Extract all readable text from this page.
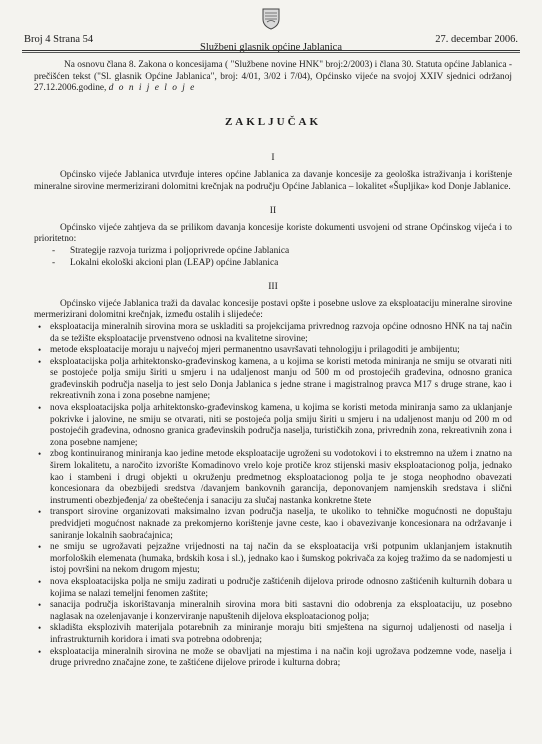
Broj 4 Strana 54
Službeni glasnik općine Jablanica
27. decembar 2006.

Na osnovu člana 8. Zakona o koncesijama ( "Službene novine HNK" broj:2/2003) i člana 30. Statuta općine Jablanica - prečišćen tekst ("Sl. glasnik Općine Jablanica", broj: 4/01, 3/02 i 7/04), Općinsko vijeće na svojoj XXIV sjednici održanoj 27.12.2006.godine, d o n i j e l o j e

ZAKLJUČAK
I

Općinsko vijeće Jablanica utvrđuje interes općine Jablanica za davanje koncesije za geološka istraživanja i korištenje mineralne sirovine mermerizirani dolomitni krečnjak na području Općine Jablanica – lokalitet «Šupljika» kod Donje Jablanice.

II

Općinsko vijeće zahtjeva da se prilikom davanja koncesije koriste dokumenti usvojeni od strane Općinskog vijeća i to prioritetno:

- Strategije razvoja turizma i poljoprivrede općine Jablanica
- Lokalni ekološki akcioni plan (LEAP) općine Jablanica
III

Općinsko vijeće Jablanica traži da davalac koncesije postavi opšte i posebne uslove za eksploataciju mineralne sirovine mermerizirani dolomitni krečnjak, između ostalih i slijedeće:

• eksploatacija mineralnih sirovina mora se uskladiti sa projekcijama privrednog razvoja općine odnosno HNK na taj način da se težište eksploatacije prvenstveno odnosi na kvalitetne sirovine;
• metode eksploatacije moraju u najvećoj mjeri permanentno usavršavati tehnologiju i prilagoditi je ambijentu;
• eksploatacijska polja arhitektonsko-građevinskog kamena, a u kojima se koristi metoda miniranja ne smiju se otvarati niti se postojeće polja smiju širiti u smjeru i na udaljenost manju od 500 m od prostojećih građevina, odnosno granica građevinskih područja naselja to jest selo Donja Jablanica s jedne strane i magistralnog pravca M17 s druge strane, kao i rekreativnih zona i zona posebne namjene;
• nova eksploatacijska polja arhitektonsko-građevinskog kamena, u kojima se koristi metoda miniranja samo za uklanjanje pokrivke i jalovine, ne smiju se otvarati, niti se postojeća polja smiju širiti u smjeru i na udaljenost manju od 200 m od postojećih građevina, odnosno granica građevinskih područja naselja, turističkih zona, privrednih zona, rekreativnih zona i zona posebne namjene;
• zbog kontinuiranog miniranja kao jedine metode eksploatacije ugroženi su vodotokovi i to ekstremno na užem i znatno na širem lokalitetu, a naročito izvorište Komadinovo vrelo koje protiče kroz stijenski masiv eksploatacionog polja, jednako kao i stambeni i drugi objekti u okruženju predmetnog eksploatacionog polja te je stoga neophodno obavezati koncesionara da obezbijedi sredstva /davanjem bankovnih garancija, deponovanjem namjenskih sredstava i slični instrumenti obezbjeđenja/ za obeštećenja i sanaciju za slučaj nastanka konkretne štete
• transport sirovine organizovati maksimalno izvan područja naselja, te ukoliko to tehničke mogućnosti ne dopuštaju predvidjeti mogućnost naknade za prekomjerno korištenje javne ceste, kao i obavezivanje koncesionara na održavanje i saniranje lokalnih saobraćajnica;
• ne smiju se ugrožavati pejzažne vrijednosti na taj način da se eksploatacija vrši potpunim uklanjanjem istaknutih morfoloških elemenata (humaka, brdskih kosa i sl.), jednako kao i šumskog pokrivača za kojeg tražimo da se nadomjesti u istoj površini na nekom drugom mjestu;
• nova eksploatacijska polja ne smiju zadirati u područje zaštićenih dijelova prirode odnosno zaštićenih kulturnih dobara u kojima se nalazi temeljni fenomen zaštite;
• sanacija područja iskorištavanja mineralnih sirovina mora biti sastavni dio odobrenja za eksploataciju, uz posebno naglasak na ozelenjavanje i konzerviranje napuštenih dijelova eksploatacionog polja;
• skladišta eksplozivih materijala potarebnih za miniranje moraju biti smještena na sigurnoj udaljenosti od naselja i infrastrukturnih koridora i imati sva potrebna odobrenja;
• eksploatacija mineralnih sirovina ne može se obavljati na mjestima i na način koji ugrožava podzemne vode, naselja i druge privredno značajne zone, te zaštićene dijelove prirode i kulturna dobra;
